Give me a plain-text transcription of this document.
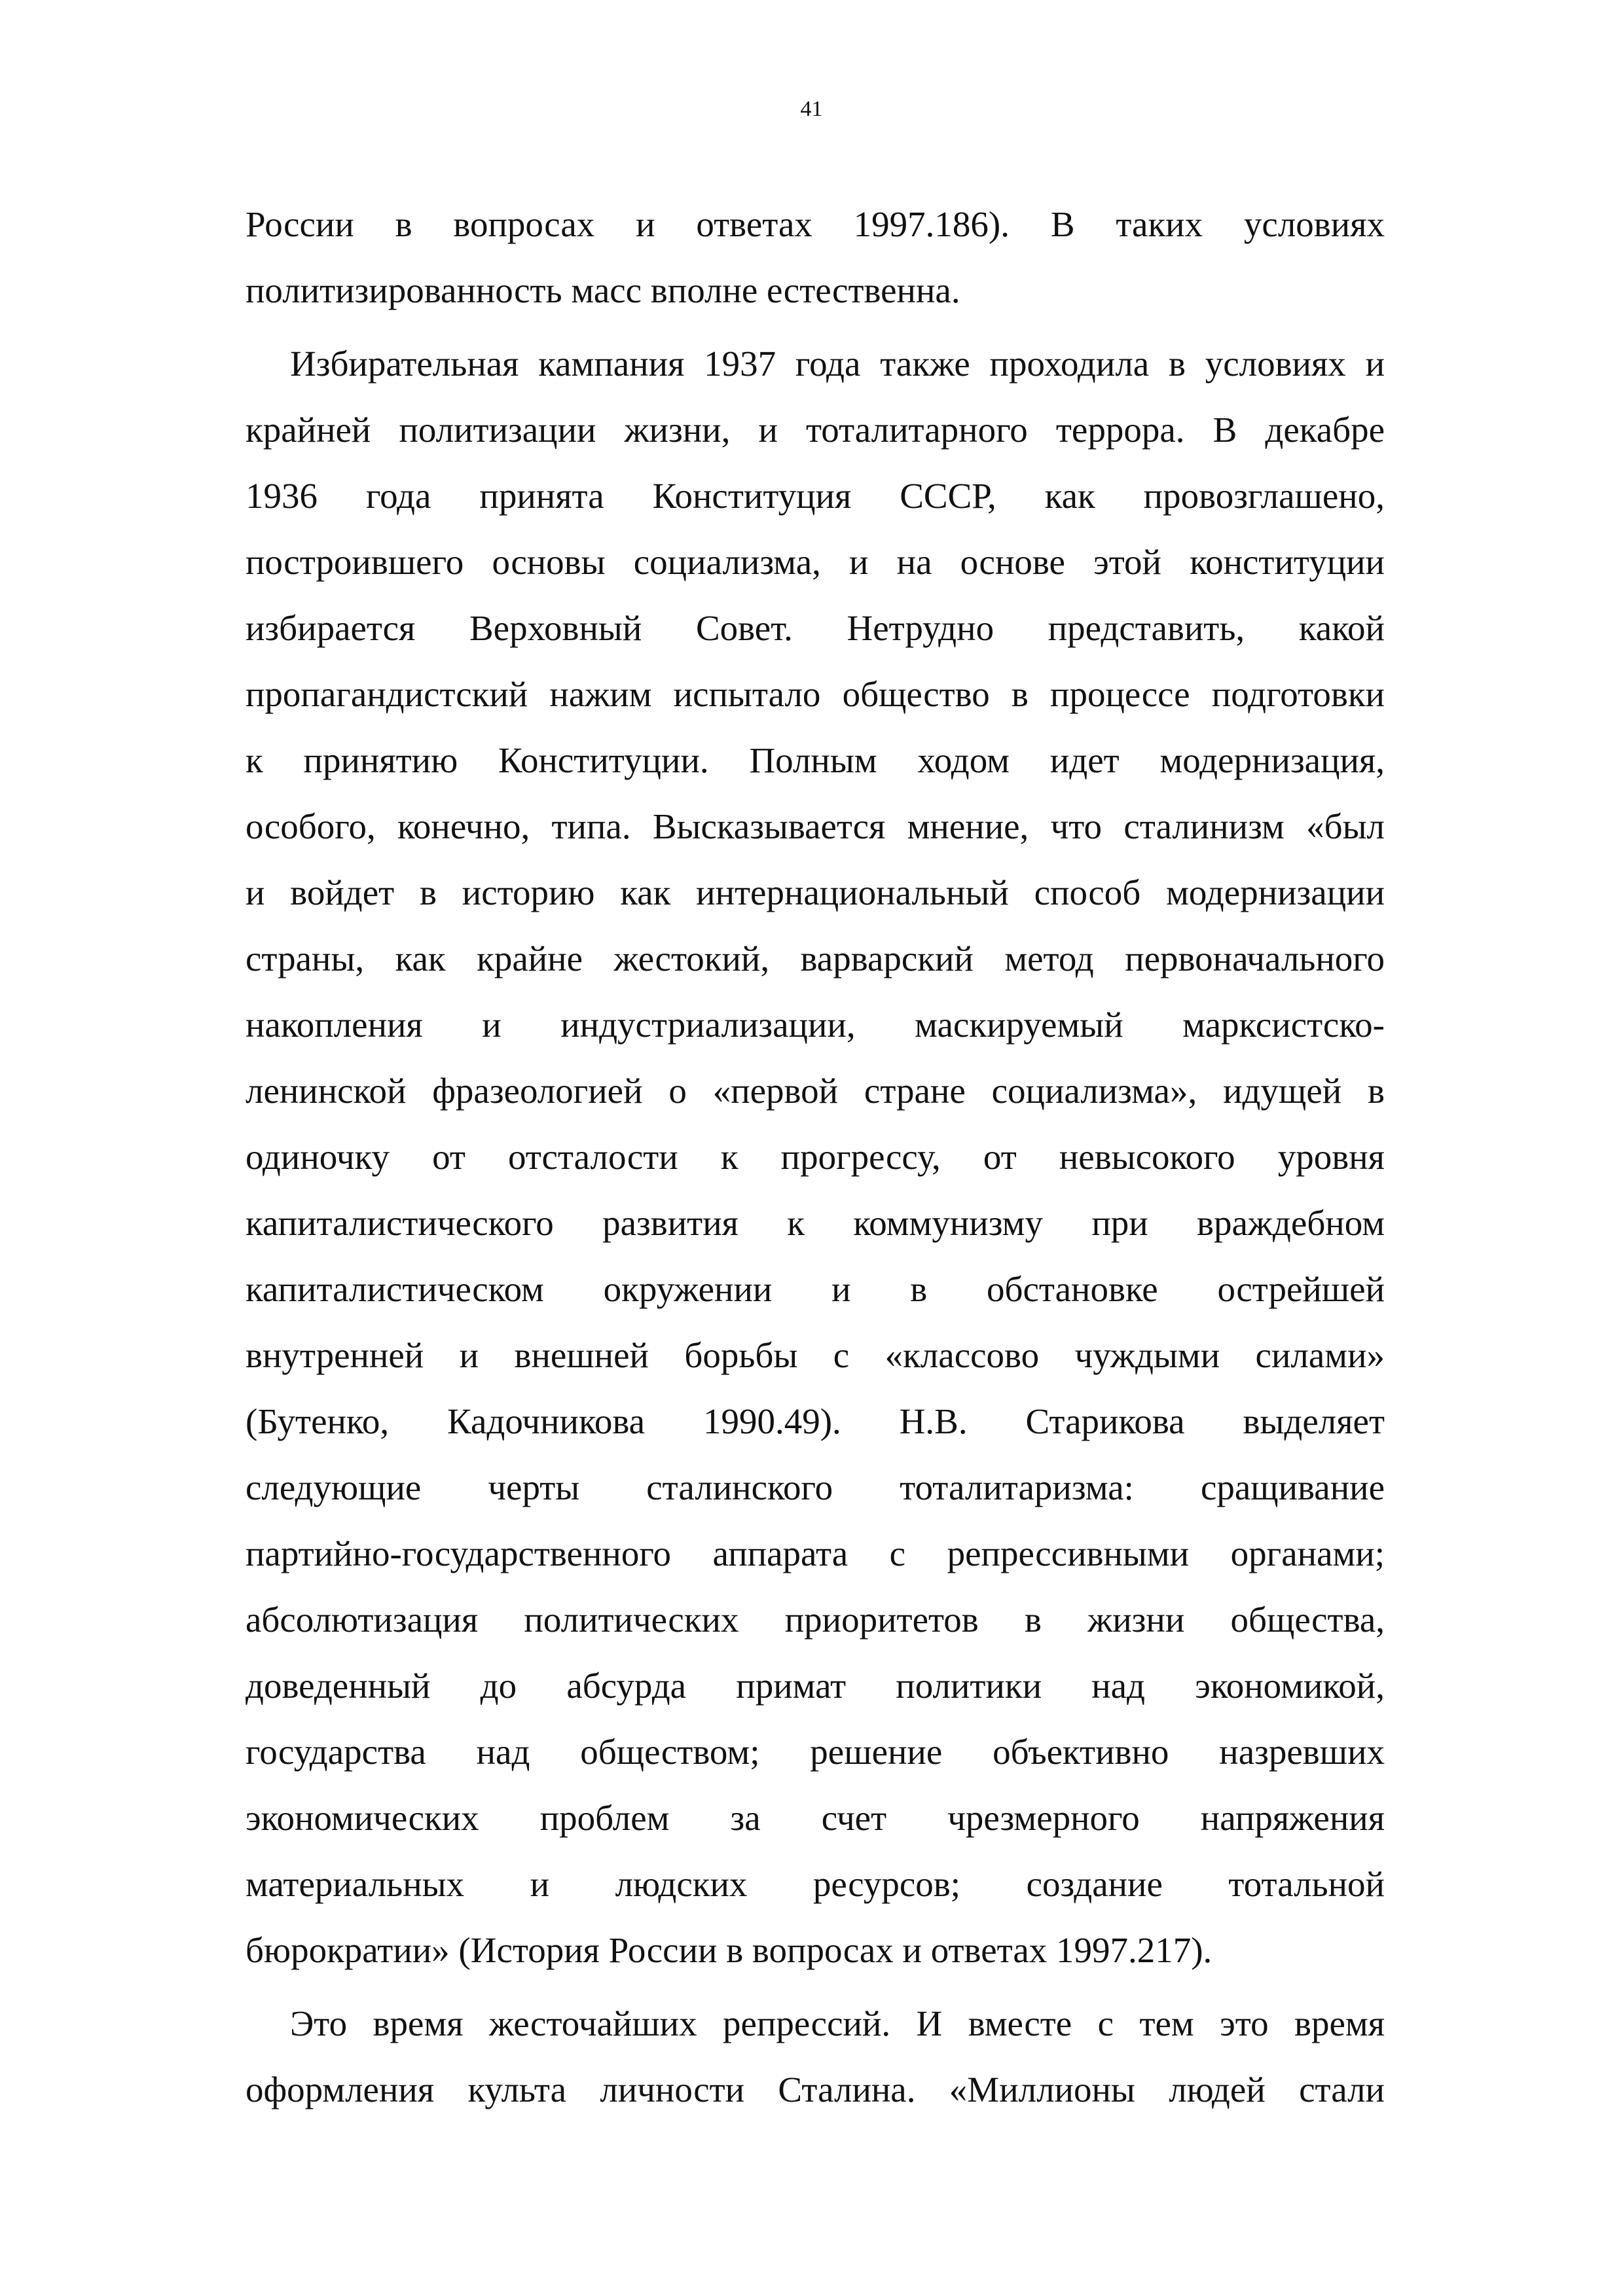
41
России в вопросах и ответах 1997.186). В таких условиях
политизированность масс вполне естественна.
Избирательная кампания 1937 года также проходила в условиях и
крайней политизации жизни, и тоталитарного террора. В декабре
1936 года принята Конституция СССР, как провозглашено,
построившего основы социализма, и на основе этой конституции
избирается Верховный Совет. Нетрудно представить, какой
пропагандистский нажим испытало общество в процессе подготовки
к принятию Конституции. Полным ходом идет модернизация,
особого, конечно, типа. Высказывается мнение, что сталинизм «был
и войдет в историю как интернациональный способ модернизации
страны, как крайне жестокий, варварский метод первоначального
накопления и индустриализации, маскируемый марксистско-
ленинской фразеологией о «первой стране социализма», идущей в
одиночку от отсталости к прогрессу, от невысокого уровня
капиталистического развития к коммунизму при враждебном
капиталистическом окружении и в обстановке острейшей
внутренней и внешней борьбы с «классово чуждыми силами»
(Бутенко, Кадочникова 1990.49). Н.В. Старикова выделяет
следующие черты сталинского тоталитаризма: сращивание
партийно-государственного аппарата с репрессивными органами;
абсолютизация политических приоритетов в жизни общества,
доведенный до абсурда примат политики над экономикой,
государства над обществом; решение объективно назревших
экономических проблем за счет чрезмерного напряжения
материальных и людских ресурсов; создание тотальной
бюрократии» (История России в вопросах и ответах 1997.217).
Это время жесточайших репрессий. И вместе с тем это время
оформления культа личности Сталина. «Миллионы людей стали
